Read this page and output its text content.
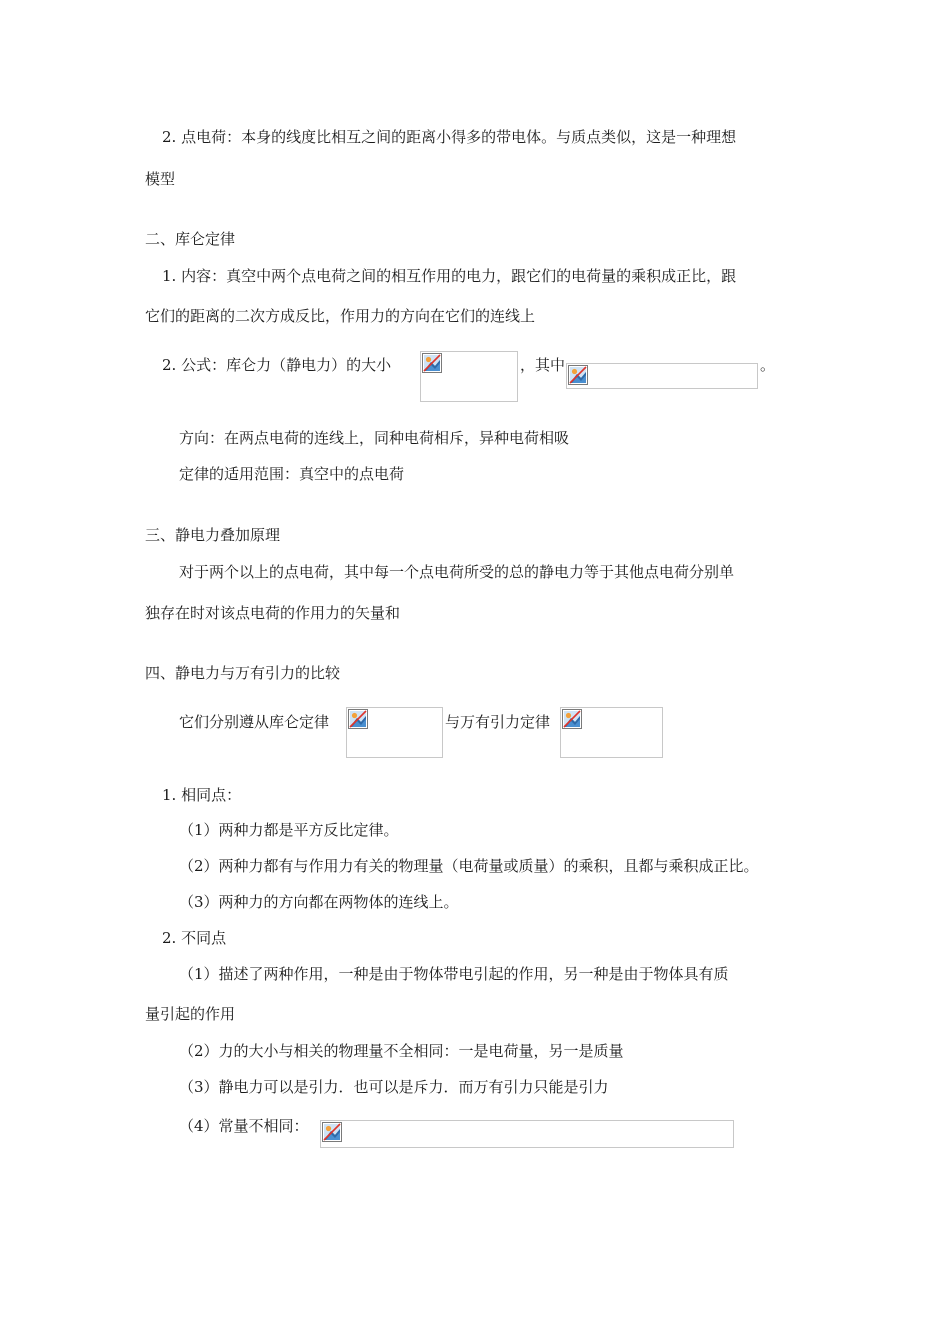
2. 点电荷：本身的线度比相互之间的距离小得多的带电体。与质点类似，这是一种理想
模型
二、库仑定律
1. 内容：真空中两个点电荷之间的相互作用的电力，跟它们的电荷量的乘积成正比，跟
它们的距离的二次方成反比，作用力的方向在它们的连线上
2. 公式：库仑力（静电力）的大小	，其中	。
方向：在两点电荷的连线上，同种电荷相斥，异种电荷相吸
定律的适用范围：真空中的点电荷
三、静电力叠加原理
对于两个以上的点电荷，其中每一个点电荷所受的总的静电力等于其他点电荷分别单
独存在时对该点电荷的作用力的矢量和
四、静电力与万有引力的比较
它们分别遵从库仑定律	与万有引力定律
1. 相同点：
（1）两种力都是平方反比定律。
（2）两种力都有与作用力有关的物理量（电荷量或质量）的乘积，且都与乘积成正比。
（3）两种力的方向都在两物体的连线上。
2. 不同点
（1）描述了两种作用，一种是由于物体带电引起的作用，另一种是由于物体具有质
量引起的作用
（2）力的大小与相关的物理量不全相同：一是电荷量，另一是质量
（3）静电力可以是引力．也可以是斥力．而万有引力只能是引力
（4）常量不相同：
